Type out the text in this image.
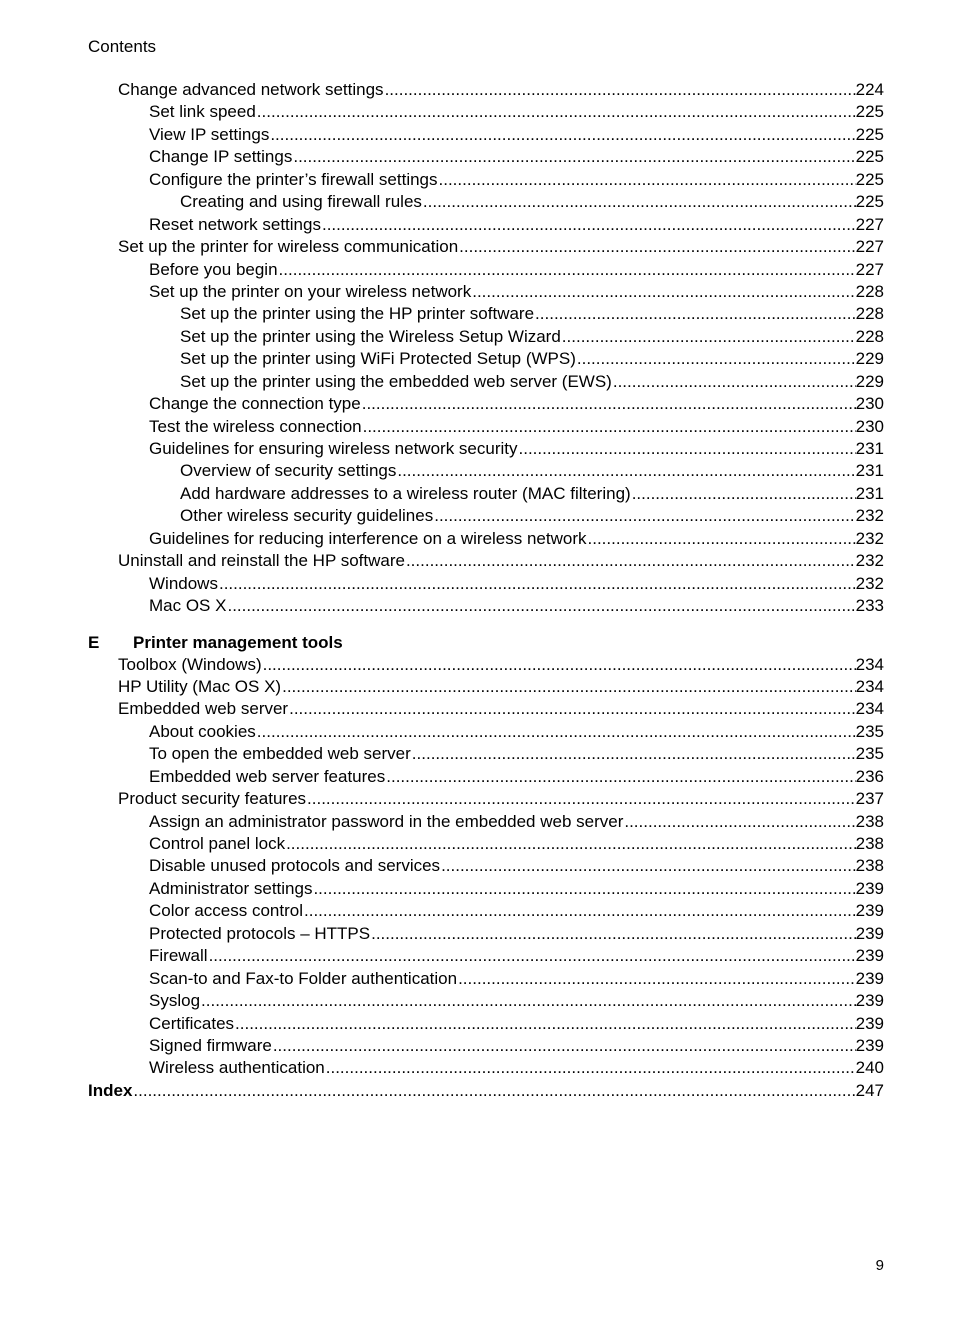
Contents
Change advanced network settings .....	224
Set link speed .....	225
View IP settings .....	225
Change IP settings .....	225
Configure the printer’s firewall settings .....	225
Creating and using firewall rules .....	225
Reset network settings .....	227
Set up the printer for wireless communication .....	227
Before you begin .....	227
Set up the printer on your wireless network .....	228
Set up the printer using the HP printer software .....	228
Set up the printer using the Wireless Setup Wizard .....	228
Set up the printer using WiFi Protected Setup (WPS) .....	229
Set up the printer using the embedded web server (EWS) .....	229
Change the connection type .....	230
Test the wireless connection .....	230
Guidelines for ensuring wireless network security .....	231
Overview of security settings .....	231
Add hardware addresses to a wireless router (MAC filtering) .....	231
Other wireless security guidelines .....	232
Guidelines for reducing interference on a wireless network .....	232
Uninstall and reinstall the HP software .....	232
Windows .....	232
Mac OS X .....	233
E	Printer management tools
Toolbox (Windows) .....	234
HP Utility (Mac OS X) .....	234
Embedded web server .....	234
About cookies .....	235
To open the embedded web server .....	235
Embedded web server features .....	236
Product security features .....	237
Assign an administrator password in the embedded web server .....	238
Control panel lock .....	238
Disable unused protocols and services .....	238
Administrator settings .....	239
Color access control .....	239
Protected protocols – HTTPS .....	239
Firewall .....	239
Scan-to and Fax-to Folder authentication .....	239
Syslog .....	239
Certificates .....	239
Signed firmware .....	239
Wireless authentication .....	240
Index .....	247
9
